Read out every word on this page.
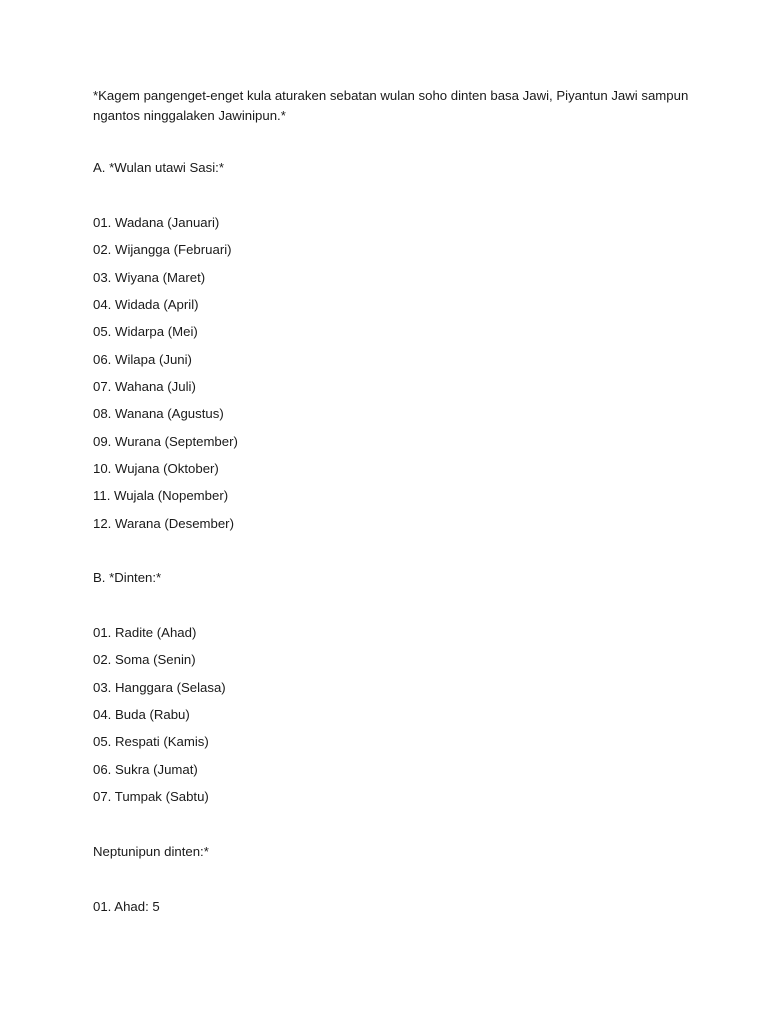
*Kagem pangenget-enget kula aturaken sebatan wulan soho dinten basa Jawi, Piyantun Jawi sampun ngantos ninggalaken Jawinipun.*

A. *Wulan utawi Sasi:*

01. Wadana (Januari)
02. Wijangga (Februari)
03. Wiyana (Maret)
04. Widada (April)
05. Widarpa (Mei)
06. Wilapa (Juni)
07. Wahana (Juli)
08. Wanana (Agustus)
09. Wurana (September)
10. Wujana (Oktober)
11. Wujala (Nopember)
12. Warana (Desember)

B. *Dinten:*

01. Radite (Ahad)
02. Soma (Senin)
03. Hanggara (Selasa)
04. Buda (Rabu)
05. Respati (Kamis)
06. Sukra (Jumat)
07. Tumpak (Sabtu)

Neptunipun dinten:*

01. Ahad: 5
